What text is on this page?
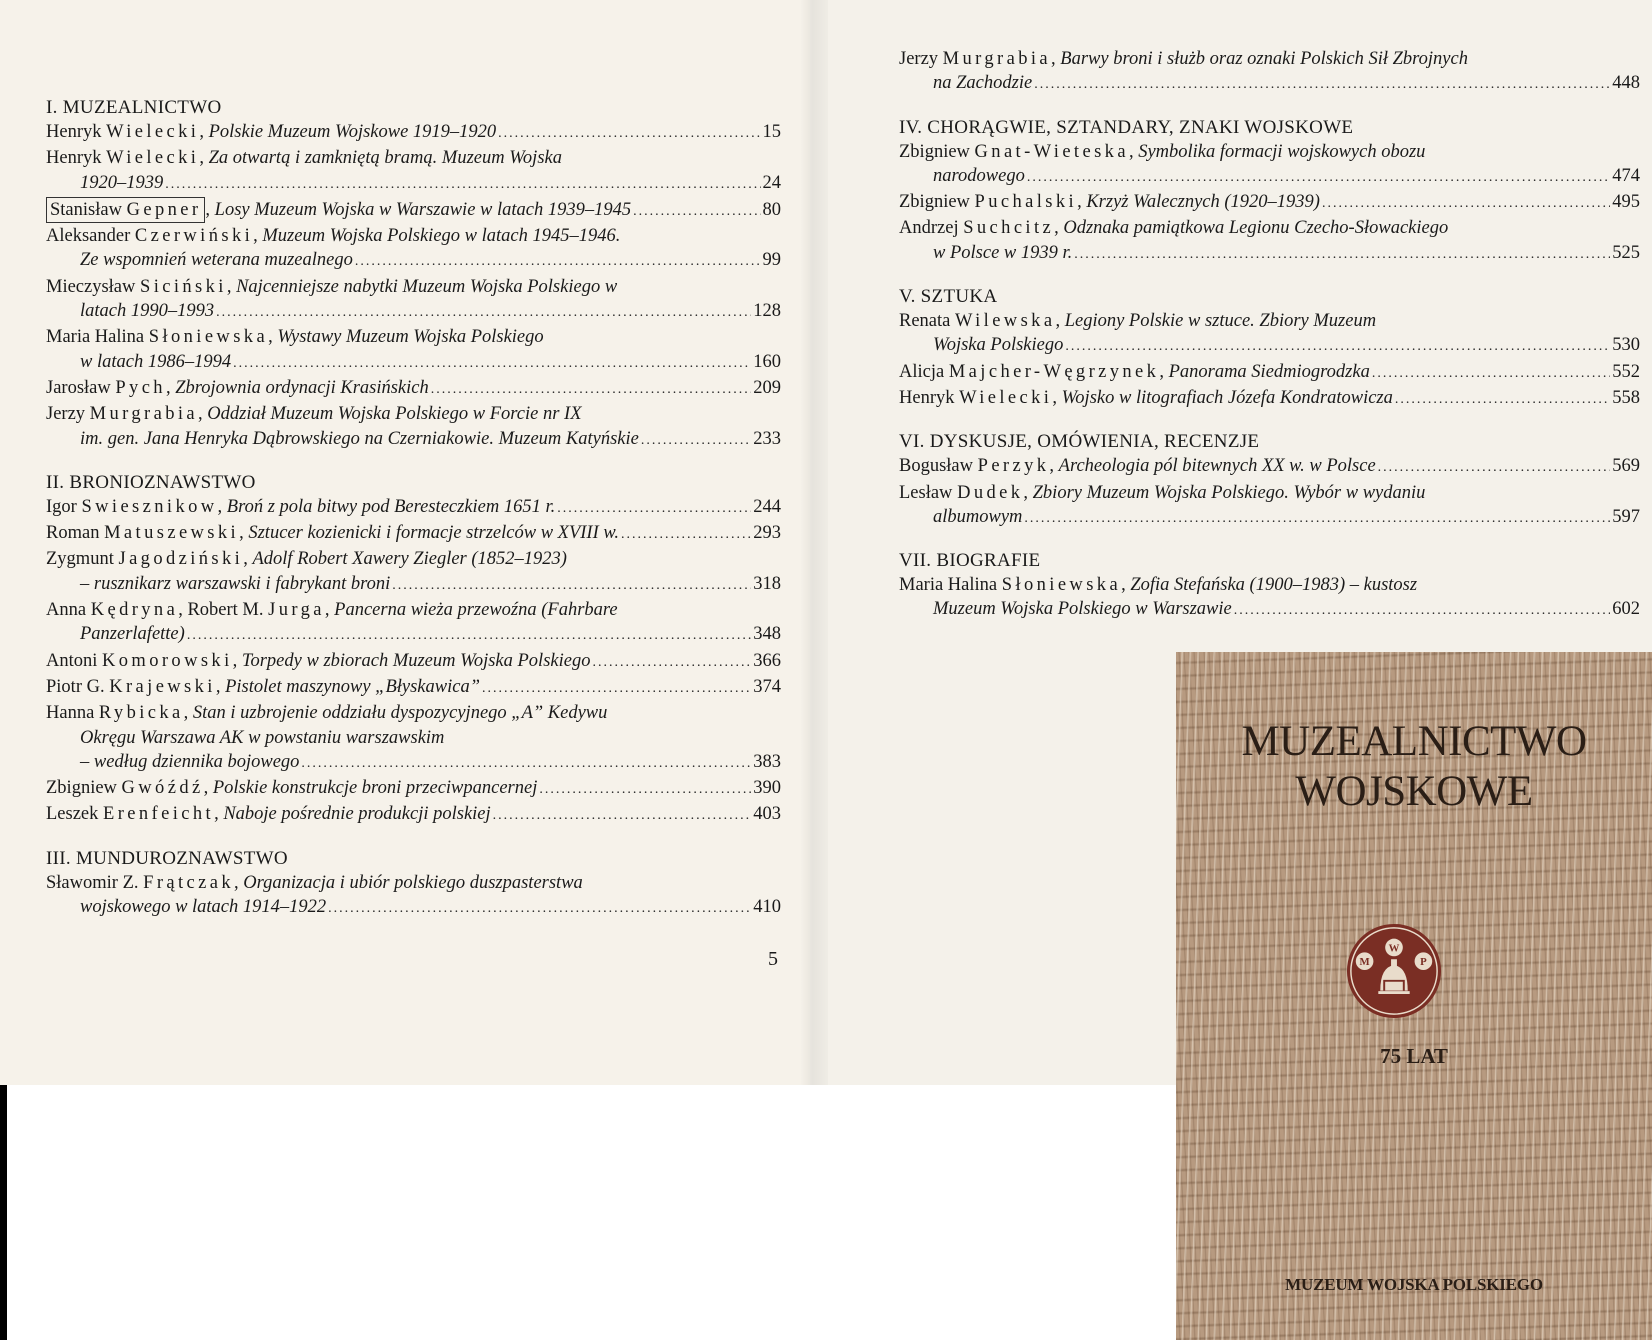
I. MUZEALNICTWO
Henryk Wielecki , Polskie Muzeum Wojskowe 1919–1920 .....	15
Henryk Wielecki , Za otwartą i zamkniętą bramą. Muzeum Wojska
1920–1939 .....	24
Stanisław Gepner , Losy Muzeum Wojska w Warszawie w latach 1939–1945 .....	80
Aleksander Czerwiński , Muzeum Wojska Polskiego w latach 1945–1946.
Ze wspomnień weterana muzealnego .....	99
Mieczysław Siciński , Najcenniejsze nabytki Muzeum Wojska Polskiego w
latach 1990–1993 .....	128
Maria Halina Słoniewska , Wystawy Muzeum Wojska Polskiego
w latach 1986–1994 .....	160
Jarosław Pych , Zbrojownia ordynacji Krasińskich .....	209
Jerzy Murgrabia , Oddział Muzeum Wojska Polskiego w Forcie nr IX
im. gen. Jana Henryka Dąbrowskiego na Czerniakowie. Muzeum Katyńskie .....	233
II. BRONIOZNAWSTWO
Igor Swiesznikow , Broń z pola bitwy pod Beresteczkiem 1651 r. .....	244
Roman Matuszewski , Sztucer kozienicki i formacje strzelców w XVIII w. .....	293
Zygmunt Jagodziński , Adolf Robert Xawery Ziegler (1852–1923)
– rusznikarz warszawski i fabrykant broni .....	318
Anna Kędryna , Robert M.
Jurga , Pancerna wieża przewoźna (Fahrbare
Panzerlafette) .....	348
Antoni Komorowski , Torpedy w zbiorach Muzeum Wojska Polskiego .....	366
Piotr G. Krajewski , Pistolet maszynowy „Błyskawica” .....	374
Hanna Rybicka , Stan i uzbrojenie oddziału dyspozycyjnego „A” Kedywu
Okręgu Warszawa AK w powstaniu warszawskim
– według dziennika bojowego .....	383
Zbigniew Gwóźdź , Polskie konstrukcje broni przeciwpancernej .....	390
Leszek Erenfeicht , Naboje pośrednie produkcji polskiej .....	403
III. MUNDUROZNAWSTWO
Sławomir Z. Frątczak , Organizacja i ubiór polskiego duszpasterstwa
wojskowego w latach 1914–1922 .....	410
Jerzy Murgrabia , Barwy broni i służb oraz oznaki Polskich Sił Zbrojnych
na Zachodzie .....	448
IV. CHORĄGWIE, SZTANDARY, ZNAKI WOJSKOWE
Zbigniew Gnat-Wieteska , Symbolika formacji wojskowych obozu
narodowego .....	474
Zbigniew Puchalski , Krzyż Walecznych (1920–1939) .....	495
Andrzej Suchcitz , Odznaka pamiątkowa Legionu Czecho-Słowackiego
w Polsce w 1939 r. .....	525
V. SZTUKA
Renata Wilewska , Legiony Polskie w sztuce. Zbiory Muzeum
Wojska Polskiego .....	530
Alicja Majcher-Węgrzynek , Panorama Siedmiogrodzka .....	552
Henryk Wielecki , Wojsko w litografiach Józefa Kondratowicza .....	558
VI. DYSKUSJE, OMÓWIENIA, RECENZJE
Bogusław Perzyk , Archeologia pól bitewnych XX w. w Polsce .....	569
Lesław Dudek , Zbiory Muzeum Wojska Polskiego. Wybór w wydaniu
albumowym .....	597
VII. BIOGRAFIE
Maria Halina Słoniewska , Zofia Stefańska (1900–1983) – kustosz
Muzeum Wojska Polskiego w Warszawie .....	602
5
MUZEALNICTWO
WOJSKOWE
M
W
P
75 LAT
MUZEUM WOJSKA POLSKIEGO
